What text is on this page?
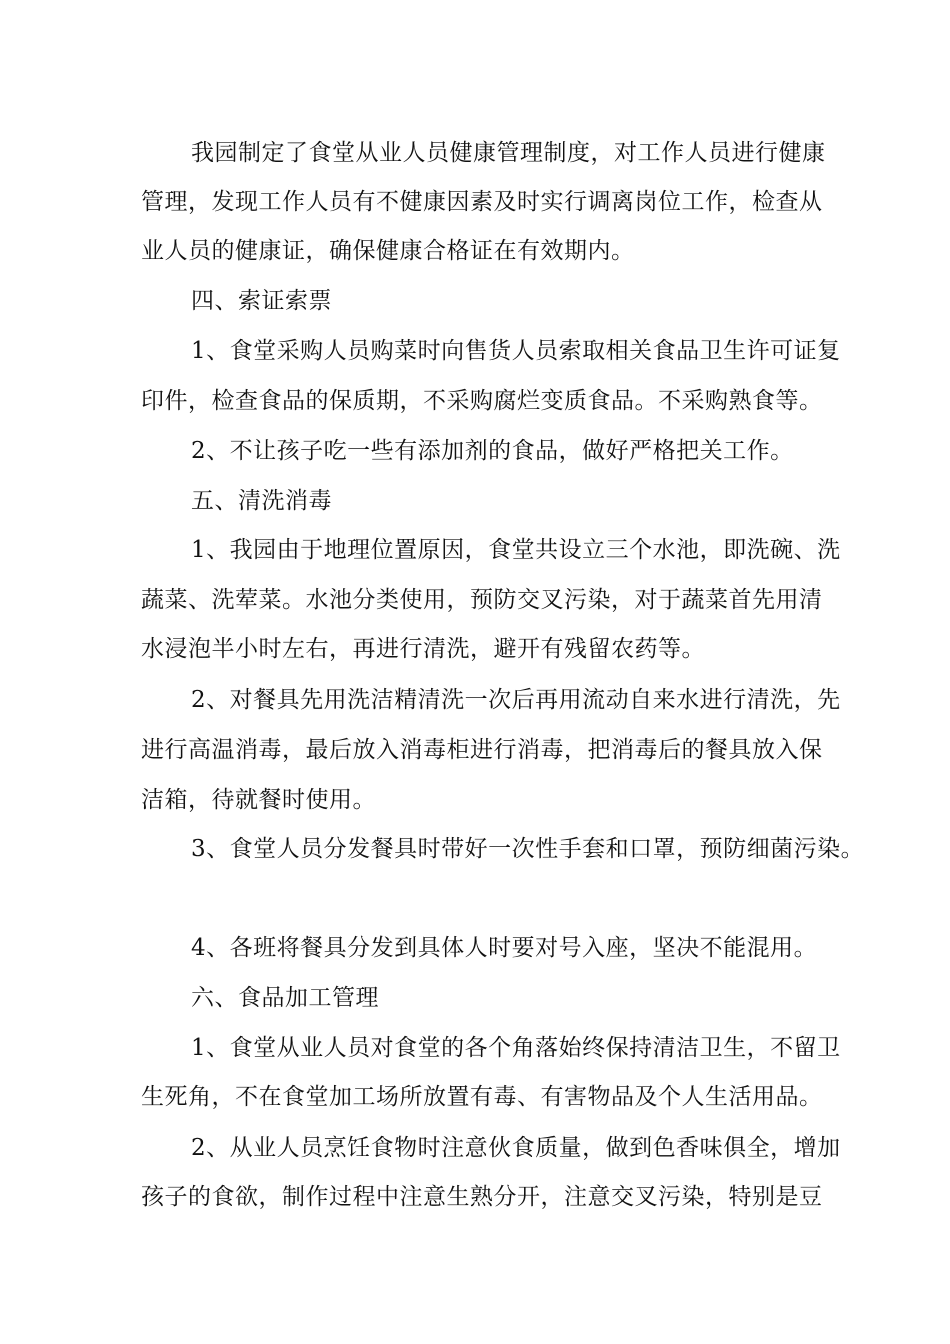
我园制定了食堂从业人员健康管理制度，对工作人员进行健康
管理，发现工作人员有不健康因素及时实行调离岗位工作，检查从
业人员的健康证，确保健康合格证在有效期内。
四、索证索票
1、食堂采购人员购菜时向售货人员索取相关食品卫生许可证复
印件，检查食品的保质期，不采购腐烂变质食品。不采购熟食等。
2、不让孩子吃一些有添加剂的食品，做好严格把关工作。
五、清洗消毒
1、我园由于地理位置原因，食堂共设立三个水池，即洗碗、洗
蔬菜、洗荤菜。水池分类使用，预防交叉污染，对于蔬菜首先用清
水浸泡半小时左右，再进行清洗，避开有残留农药等。
2、对餐具先用洗洁精清洗一次后再用流动自来水进行清洗，先
进行高温消毒，最后放入消毒柜进行消毒，把消毒后的餐具放入保
洁箱，待就餐时使用。
3、食堂人员分发餐具时带好一次性手套和口罩，预防细菌污染。
4、各班将餐具分发到具体人时要对号入座，坚决不能混用。
六、食品加工管理
1、食堂从业人员对食堂的各个角落始终保持清洁卫生，不留卫
生死角，不在食堂加工场所放置有毒、有害物品及个人生活用品。
2、从业人员烹饪食物时注意伙食质量，做到色香味俱全，增加
孩子的食欲，制作过程中注意生熟分开，注意交叉污染，特别是豆
